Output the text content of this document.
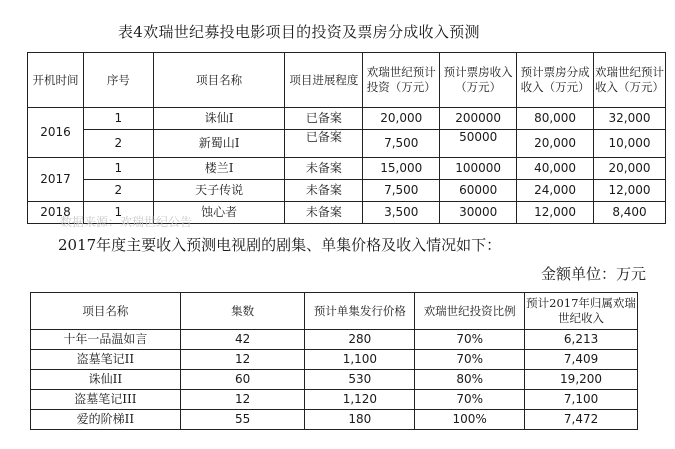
表4欢瑞世纪募投电影项目的投资及票房分成收入预测
开机时间	序号	项目名称	项目进展程度	欢瑞世纪预计投资（万元）	预计票房收入（万元）	预计票房分成收入（万元）	欢瑞世纪预计收入（万元）
2016	1	诛仙I	已备案	20,000	200000	80,000	32,000
	2	新蜀山I	已备案	7,500	50000	20,000	10,000
2017	1	楼兰I	未备案	15,000	100000	40,000	20,000
	2	天子传说	未备案	7,500	60000	24,000	12,000
2018	1	蚀心者	未备案	3,500	30000	12,000	8,400
数据来源：欢瑞世纪公告
2017年度主要收入预测电视剧的剧集、单集价格及收入情况如下：
金额单位：万元
项目名称	集数	预计单集发行价格	欢瑞世纪投资比例	预计2017年归属欢瑞世纪收入
十年一品温如言	42	280	70%	6,213
盗墓笔记II	12	1,100	70%	7,409
诛仙II	60	530	80%	19,200
盗墓笔记III	12	1,120	70%	7,100
爱的阶梯II	55	180	100%	7,472
